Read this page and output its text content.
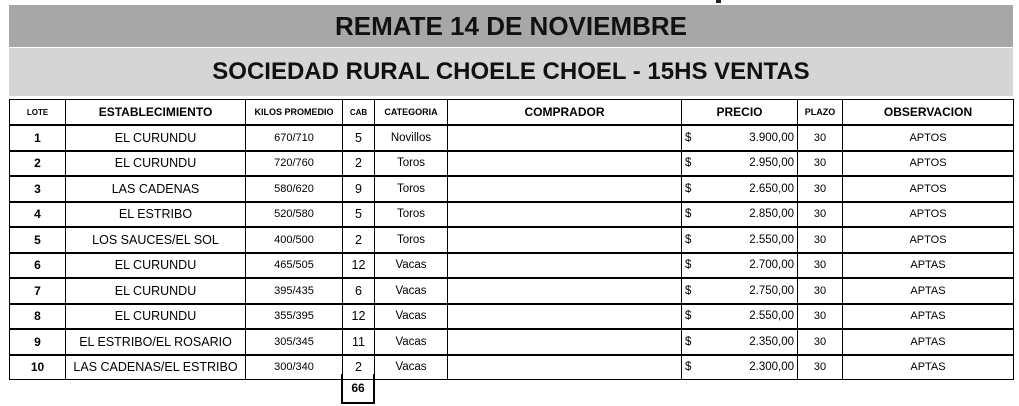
REMATE 14 DE NOVIEMBRE
SOCIEDAD RURAL CHOELE CHOEL - 15HS VENTAS
LOTE	ESTABLECIMIENTO	KILOS PROMEDIO	CAB	CATEGORIA	COMPRADOR	PRECIO	PLAZO	OBSERVACION
1	EL CURUNDU	670/710	5	Novillos		$ 3.900,00	30	APTOS
2	EL CURUNDU	720/760	2	Toros		$ 2.950,00	30	APTOS
3	LAS CADENAS	580/620	9	Toros		$ 2.650,00	30	APTOS
4	EL ESTRIBO	520/580	5	Toros		$ 2.850,00	30	APTOS
5	LOS SAUCES/EL SOL	400/500	2	Toros		$ 2.550,00	30	APTOS
6	EL CURUNDU	465/505	12	Vacas		$ 2.700,00	30	APTAS
7	EL CURUNDU	395/435	6	Vacas		$ 2.750,00	30	APTAS
8	EL CURUNDU	355/395	12	Vacas		$ 2.550,00	30	APTAS
9	EL ESTRIBO/EL ROSARIO	305/345	11	Vacas		$ 2.350,00	30	APTAS
10	LAS CADENAS/EL ESTRIBO	300/340	2	Vacas		$ 2.300,00	30	APTAS
66
